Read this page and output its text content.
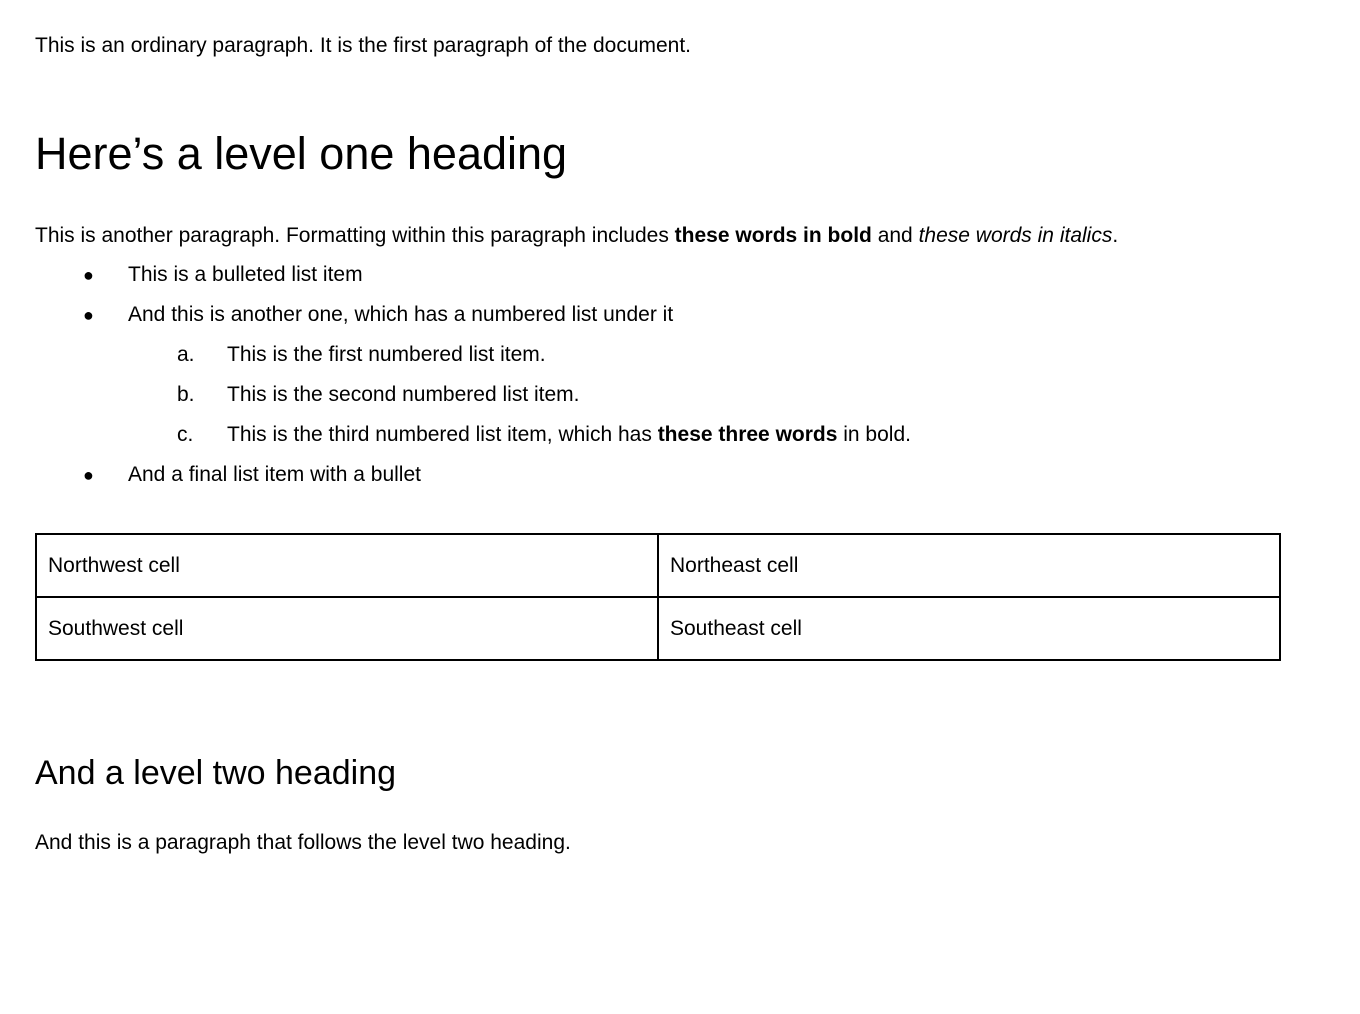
This is an ordinary paragraph. It is the first paragraph of the document.

Here’s a level one heading

This is another paragraph. Formatting within this paragraph includes these words in bold and these words in italics.

●	This is a bulleted list item
●	And this is another one, which has a numbered list under it
a.	This is the first numbered list item.
b.	This is the second numbered list item.
c.	This is the third numbered list item, which has these three words in bold.
●	And a final list item with a bullet
Northwest cell	Northeast cell
Southwest cell	Southeast cell
And a level two heading

And this is a paragraph that follows the level two heading.
